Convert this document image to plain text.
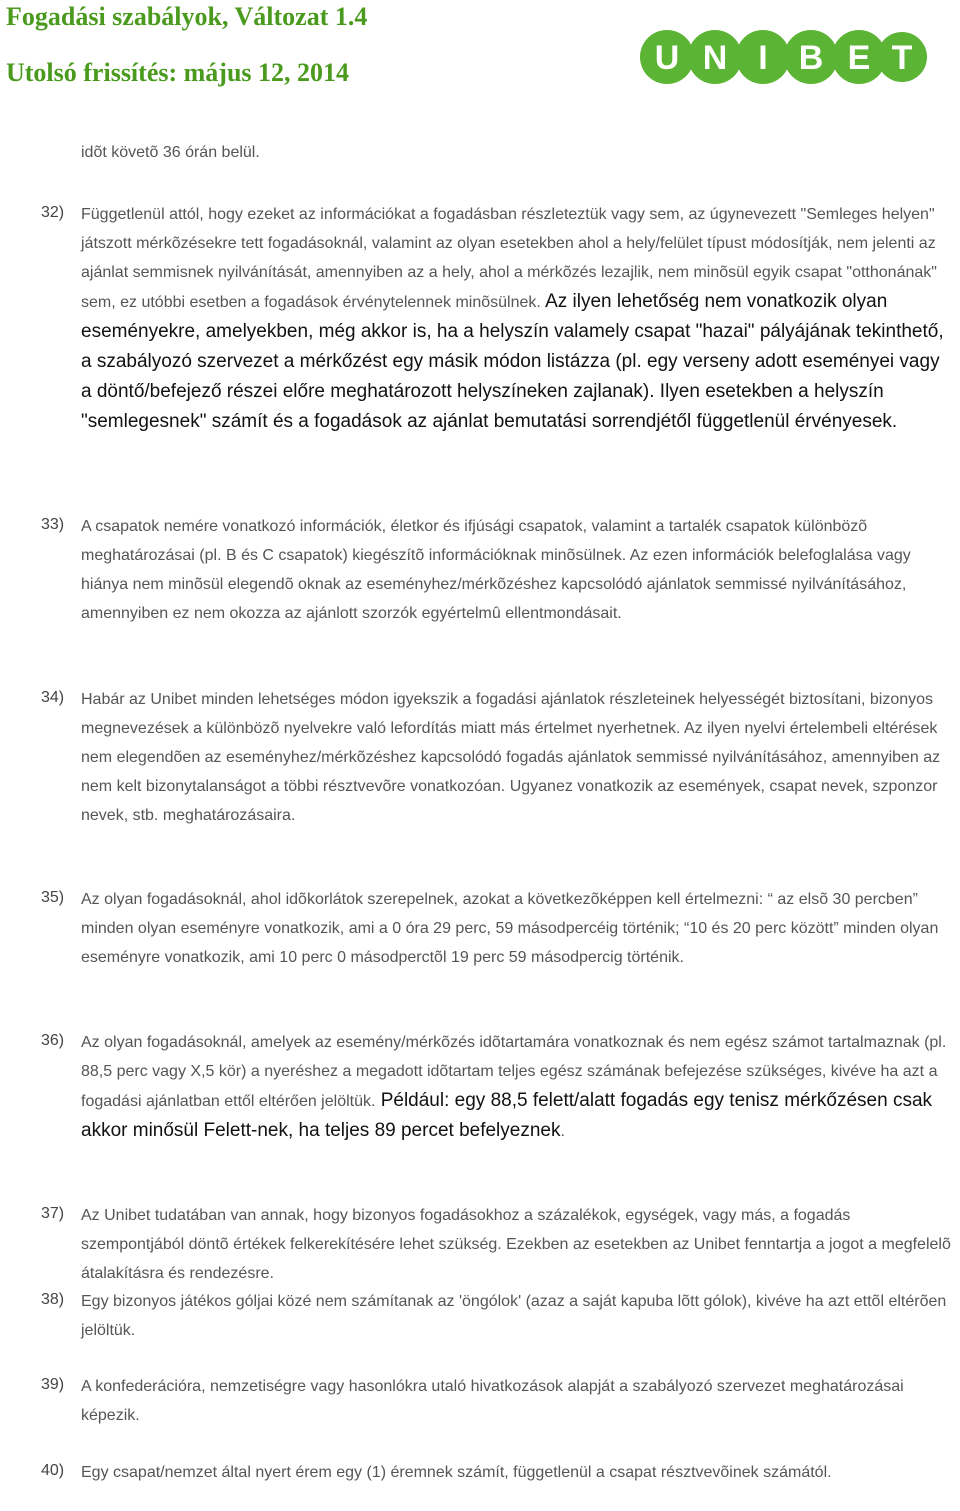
Fogadási szabályok, Változat 1.4
Utolsó frissítés: május 12, 2014	U N I B E T
idõt követõ 36 órán belül.
32) Függetlenül attól, hogy ezeket az információkat a fogadásban részleteztük vagy sem, az úgynevezett "Semleges helyen" játszott mérkõzésekre tett fogadásoknál, valamint az olyan esetekben ahol a hely/felület típust módosítják, nem jelenti az ajánlat semmisnek nyilvánítását, amennyiben az a hely, ahol a mérkõzés lezajlik, nem minõsül egyik csapat "otthonának" sem, ez utóbbi esetben a fogadások érvénytelennek minõsülnek. Az ilyen lehetőség nem vonatkozik olyan eseményekre, amelyekben, még akkor is, ha a helyszín valamely csapat "hazai" pályájának tekinthető, a szabályozó szervezet a mérkőzést egy másik módon listázza (pl. egy verseny adott eseményei vagy a döntő/befejező részei előre meghatározott helyszíneken zajlanak). Ilyen esetekben a helyszín "semlegesnek" számít és a fogadások az ajánlat bemutatási sorrendjétől függetlenül érvényesek.

33) A csapatok nemére vonatkozó információk, életkor és ifjúsági csapatok, valamint a tartalék csapatok különbözõ meghatározásai (pl. B és C csapatok) kiegészítõ információknak minõsülnek. Az ezen információk belefoglalása vagy hiánya nem minõsül elegendõ oknak az eseményhez/mérkõzéshez kapcsolódó ajánlatok semmissé nyilvánításához, amennyiben ez nem okozza az ajánlott szorzók egyértelmû ellentmondásait.

34) Habár az Unibet minden lehetséges módon igyekszik a fogadási ajánlatok részleteinek helyességét biztosítani, bizonyos megnevezések a különbözõ nyelvekre való lefordítás miatt más értelmet nyerhetnek. Az ilyen nyelvi értelembeli eltérések nem elegendõen az eseményhez/mérkõzéshez kapcsolódó fogadás ajánlatok semmissé nyilvánításához, amennyiben az nem kelt bizonytalanságot a többi résztvevõre vonatkozóan. Ugyanez vonatkozik az események, csapat nevek, szponzor nevek, stb. meghatározásaira.

35) Az olyan fogadásoknál, ahol idõkorlátok szerepelnek, azokat a következõképpen kell értelmezni: “ az elsõ 30 percben” minden olyan eseményre vonatkozik, ami a 0 óra 29 perc, 59 másodpercéig történik; “10 és 20 perc között” minden olyan eseményre vonatkozik, ami 10 perc 0 másodperctõl 19 perc 59 másodpercig történik.

36) Az olyan fogadásoknál, amelyek az esemény/mérkõzés idõtartamára vonatkoznak és nem egész számot tartalmaznak (pl. 88,5 perc vagy X,5 kör) a nyeréshez a megadott idõtartam teljes egész számának befejezése szükséges, kivéve ha azt a fogadási ajánlatban ettől eltérően jelöltük. Például: egy 88,5 felett/alatt fogadás egy tenisz mérkőzésen csak akkor minősül Felett-nek, ha teljes 89 percet befelyeznek.

37) Az Unibet tudatában van annak, hogy bizonyos fogadásokhoz a százalékok, egységek, vagy más, a fogadás szempontjából döntõ értékek felkerekítésére lehet szükség. Ezekben az esetekben az Unibet fenntartja a jogot a megfelelõ átalakításra és rendezésre.

38) Egy bizonyos játékos góljai közé nem számítanak az 'öngólok' (azaz a saját kapuba lõtt gólok), kivéve ha azt ettõl eltérõen jelöltük.

39) A konfederációra, nemzetiségre vagy hasonlókra utaló hivatkozások alapját a szabályozó szervezet meghatározásai képezik.

40) Egy csapat/nemzet által nyert érem egy (1) éremnek számít, függetlenül a csapat résztvevõinek számától.
